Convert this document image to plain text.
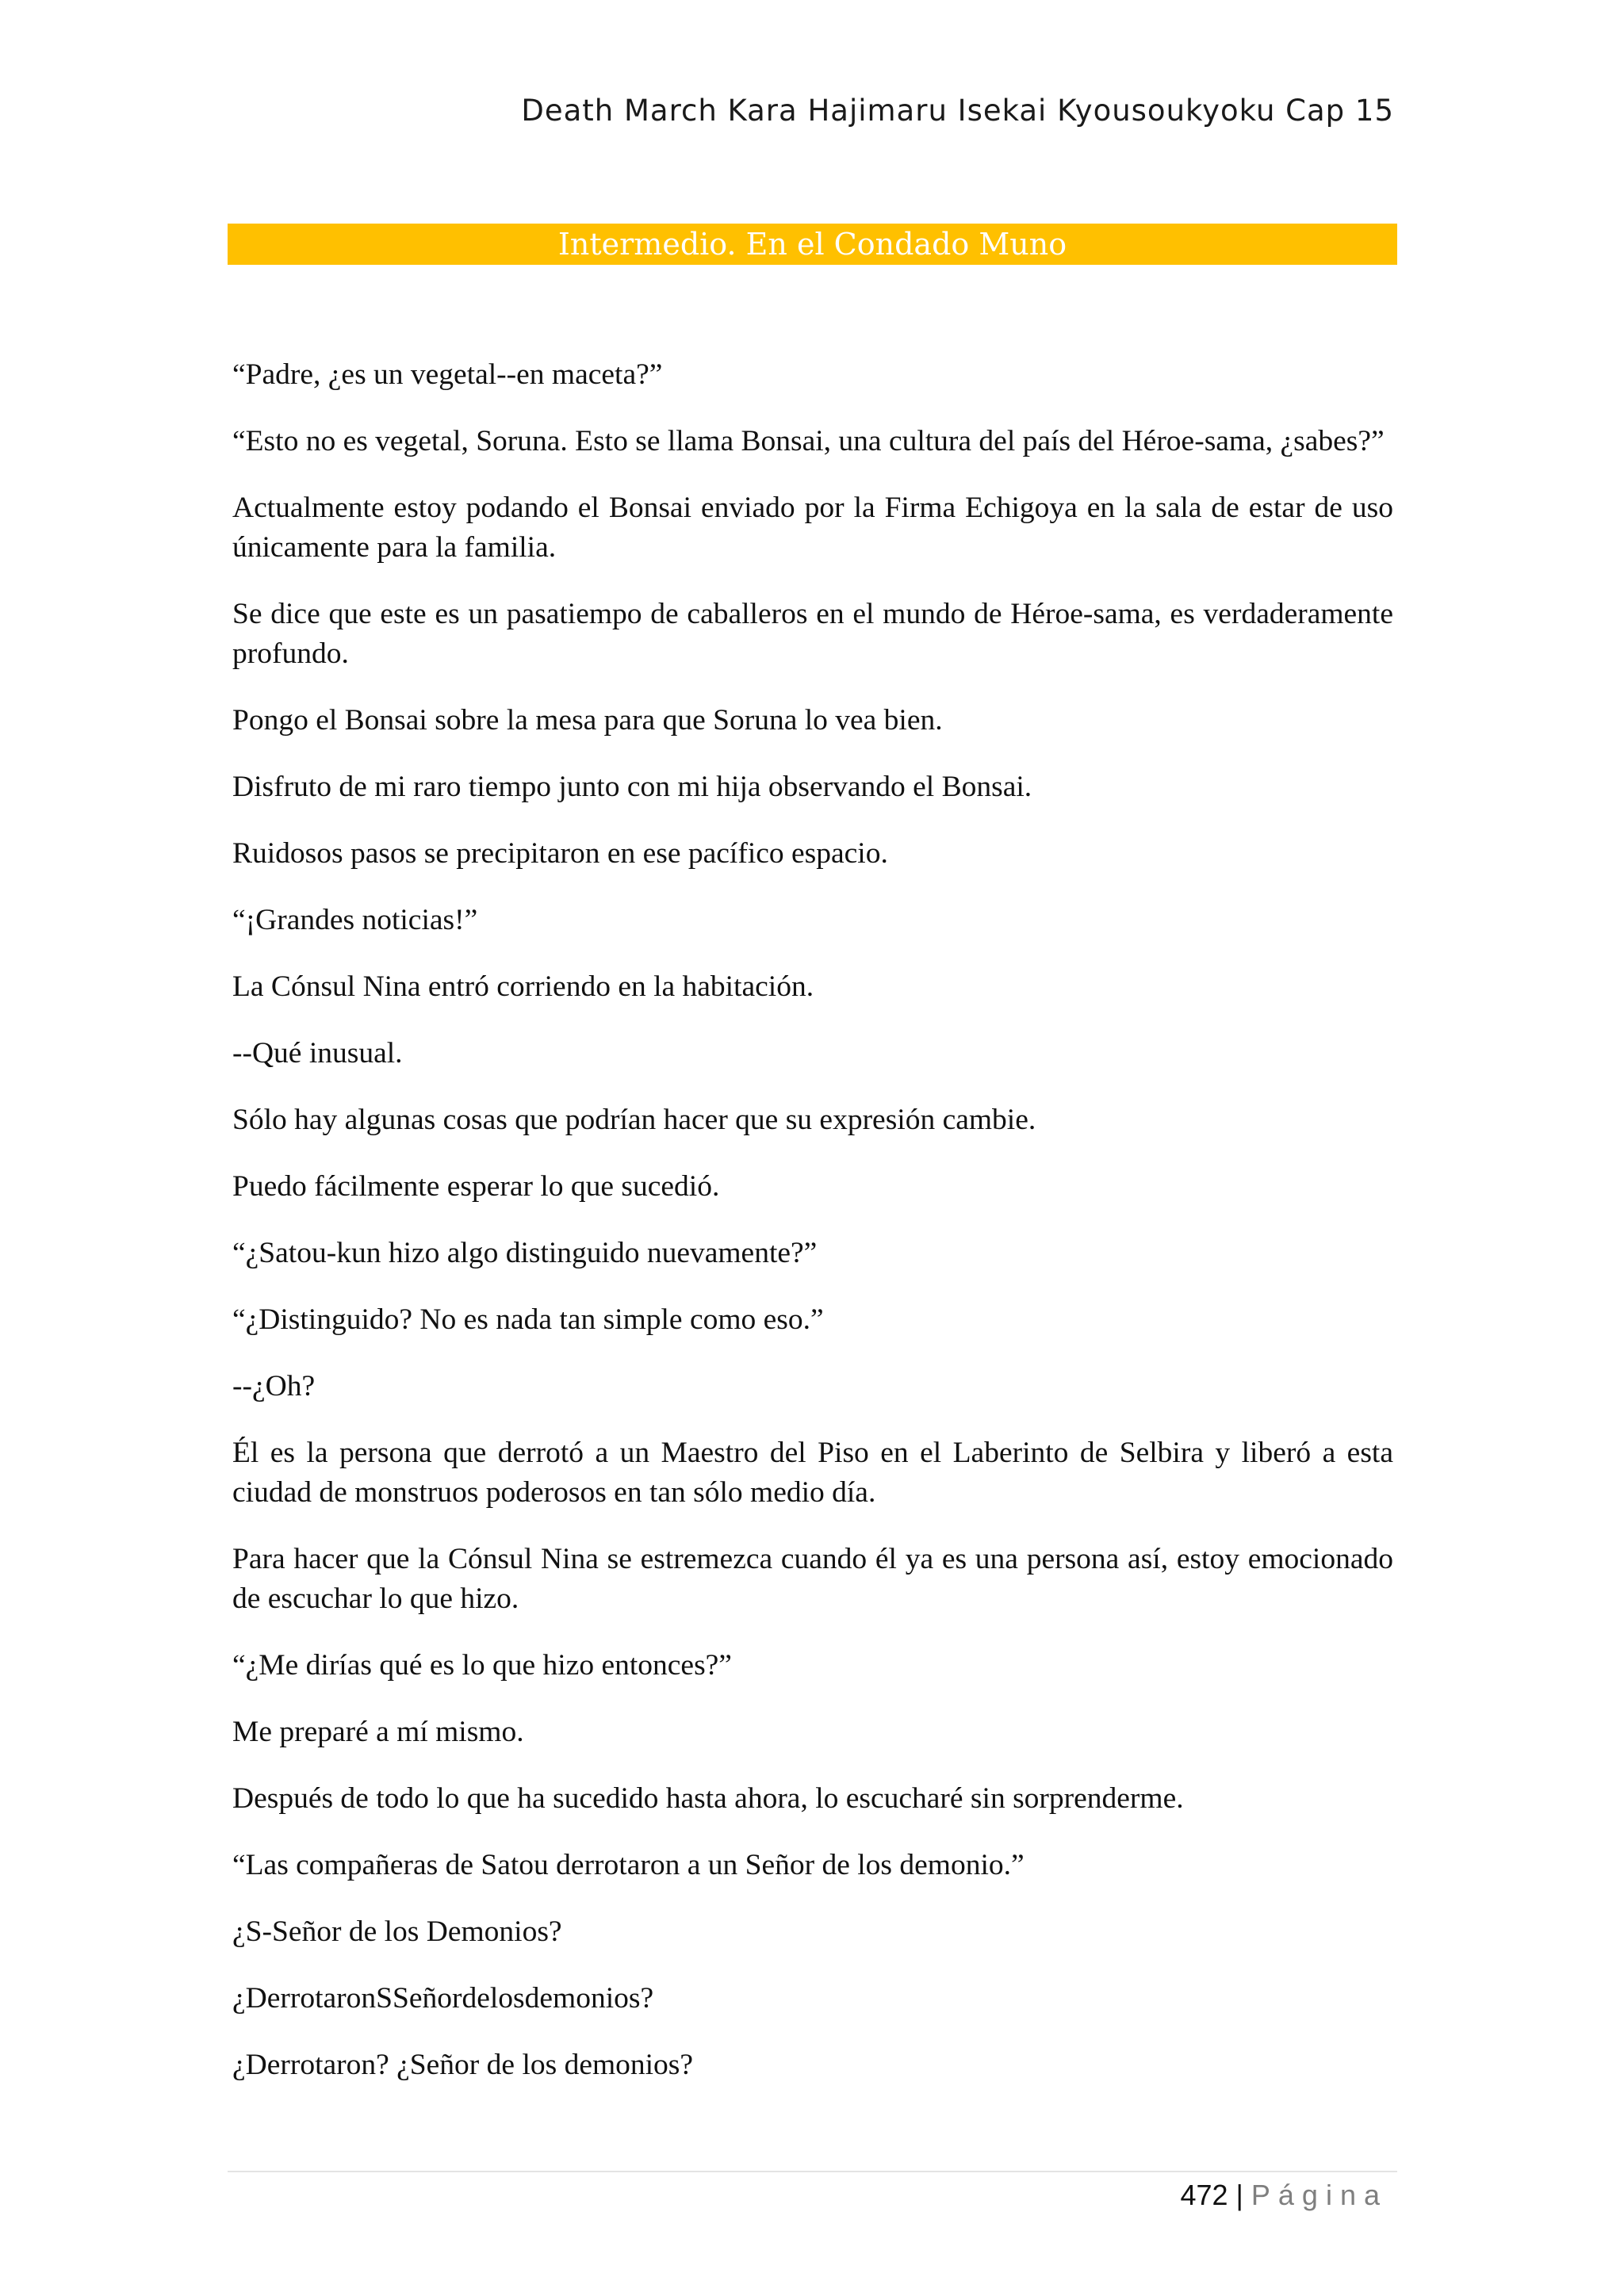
Death March Kara Hajimaru Isekai Kyousoukyoku Cap 15
Intermedio. En el Condado Muno

“Padre, ¿es un vegetal--en maceta?”

“Esto no es vegetal, Soruna. Esto se llama Bonsai, una cultura del país del Héroe-sama, ¿sabes?”

Actualmente estoy podando el Bonsai enviado por la Firma Echigoya en la sala de estar de uso únicamente para la familia.

Se dice que este es un pasatiempo de caballeros en el mundo de Héroe-sama, es verdaderamente profundo.

Pongo el Bonsai sobre la mesa para que Soruna lo vea bien.

Disfruto de mi raro tiempo junto con mi hija observando el Bonsai.

Ruidosos pasos se precipitaron en ese pacífico espacio.

“¡Grandes noticias!”

La Cónsul Nina entró corriendo en la habitación.

--Qué inusual.

Sólo hay algunas cosas que podrían hacer que su expresión cambie.

Puedo fácilmente esperar lo que sucedió.

“¿Satou-kun hizo algo distinguido nuevamente?”

“¿Distinguido? No es nada tan simple como eso.”

--¿Oh?

Él es la persona que derrotó a un Maestro del Piso en el Laberinto de Selbira y liberó a esta ciudad de monstruos poderosos en tan sólo medio día.

Para hacer que la Cónsul Nina se estremezca cuando él ya es una persona así, estoy emocionado de escuchar lo que hizo.

“¿Me dirías qué es lo que hizo entonces?”

Me preparé a mí mismo.

Después de todo lo que ha sucedido hasta ahora, lo escucharé sin sorprenderme.

“Las compañeras de Satou derrotaron a un Señor de los demonio.”

¿S-Señor de los Demonios?

¿DerrotaronSSeñordelosdemonios?

¿Derrotaron? ¿Señor de los demonios?

472 | Página
